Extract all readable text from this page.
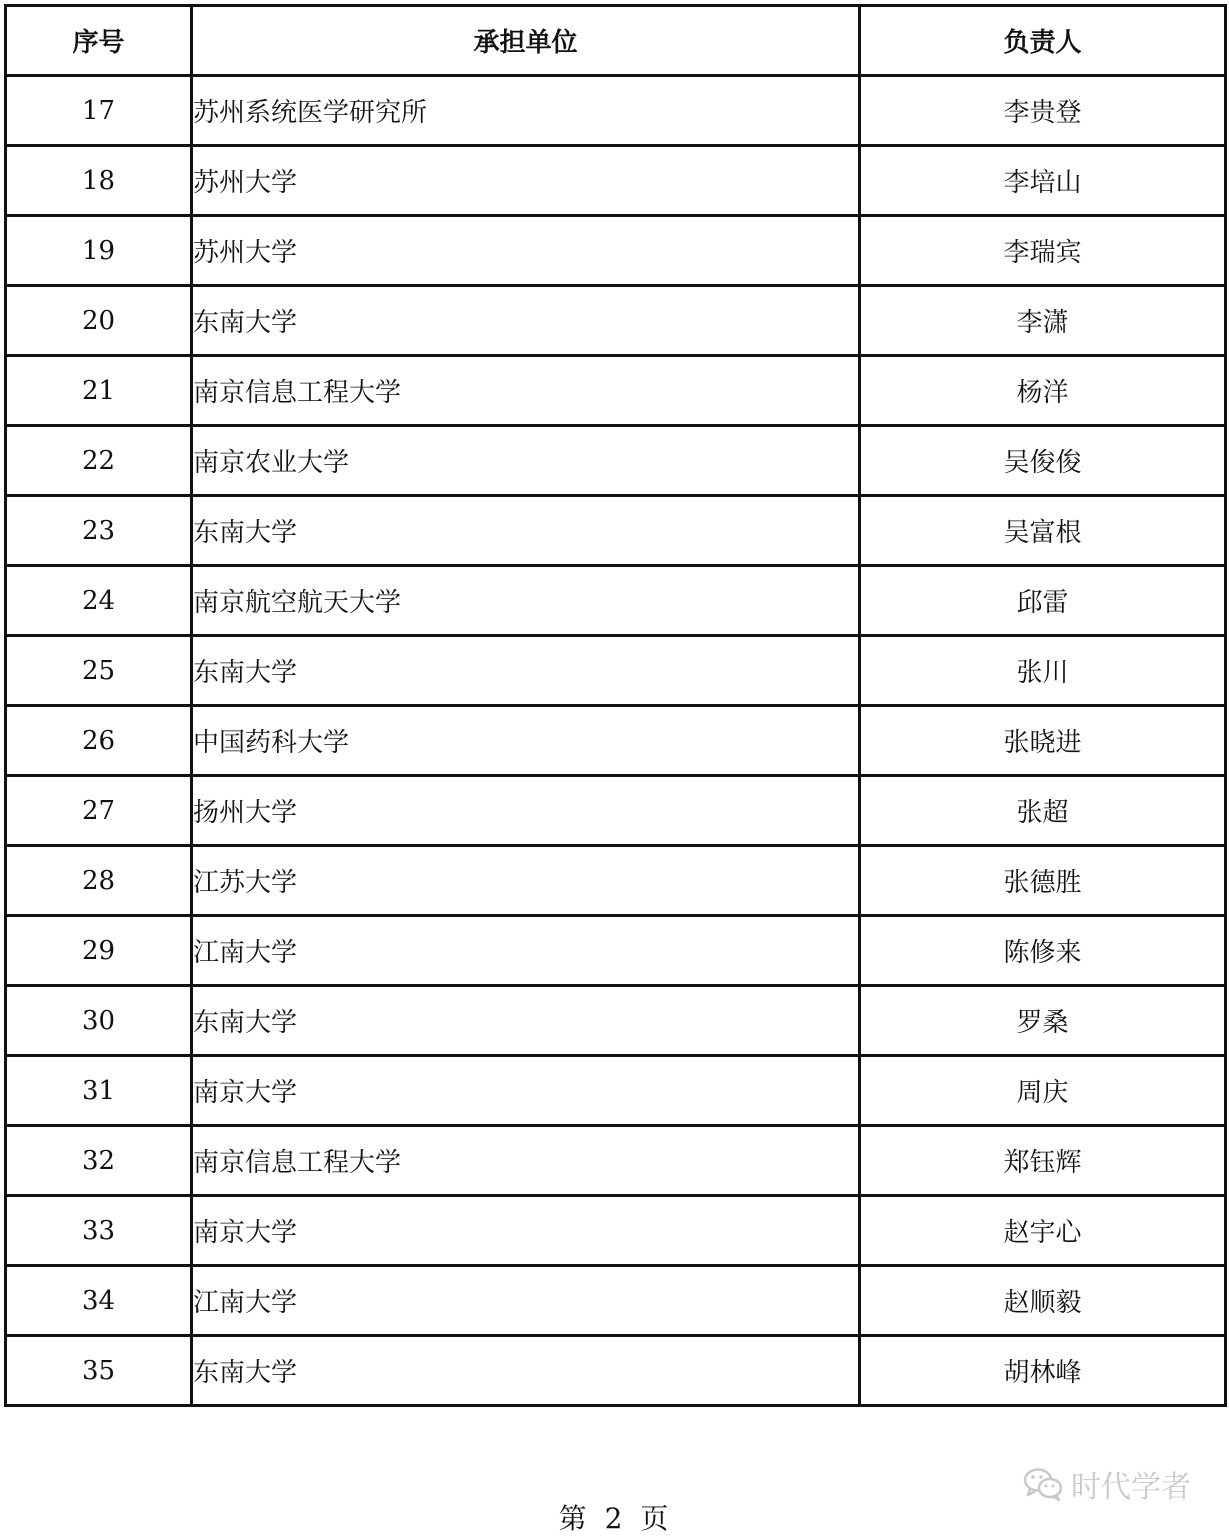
序号	承担单位	负责人
17	苏州系统医学研究所	李贵登
18	苏州大学	李培山
19	苏州大学	李瑞宾
20	东南大学	李潇
21	南京信息工程大学	杨洋
22	南京农业大学	吴俊俊
23	东南大学	吴富根
24	南京航空航天大学	邱雷
25	东南大学	张川
26	中国药科大学	张晓进
27	扬州大学	张超
28	江苏大学	张德胜
29	江南大学	陈修来
30	东南大学	罗桑
31	南京大学	周庆
32	南京信息工程大学	郑钰辉
33	南京大学	赵宇心
34	江南大学	赵顺毅
35	东南大学	胡林峰
第 2 页
时代学者
